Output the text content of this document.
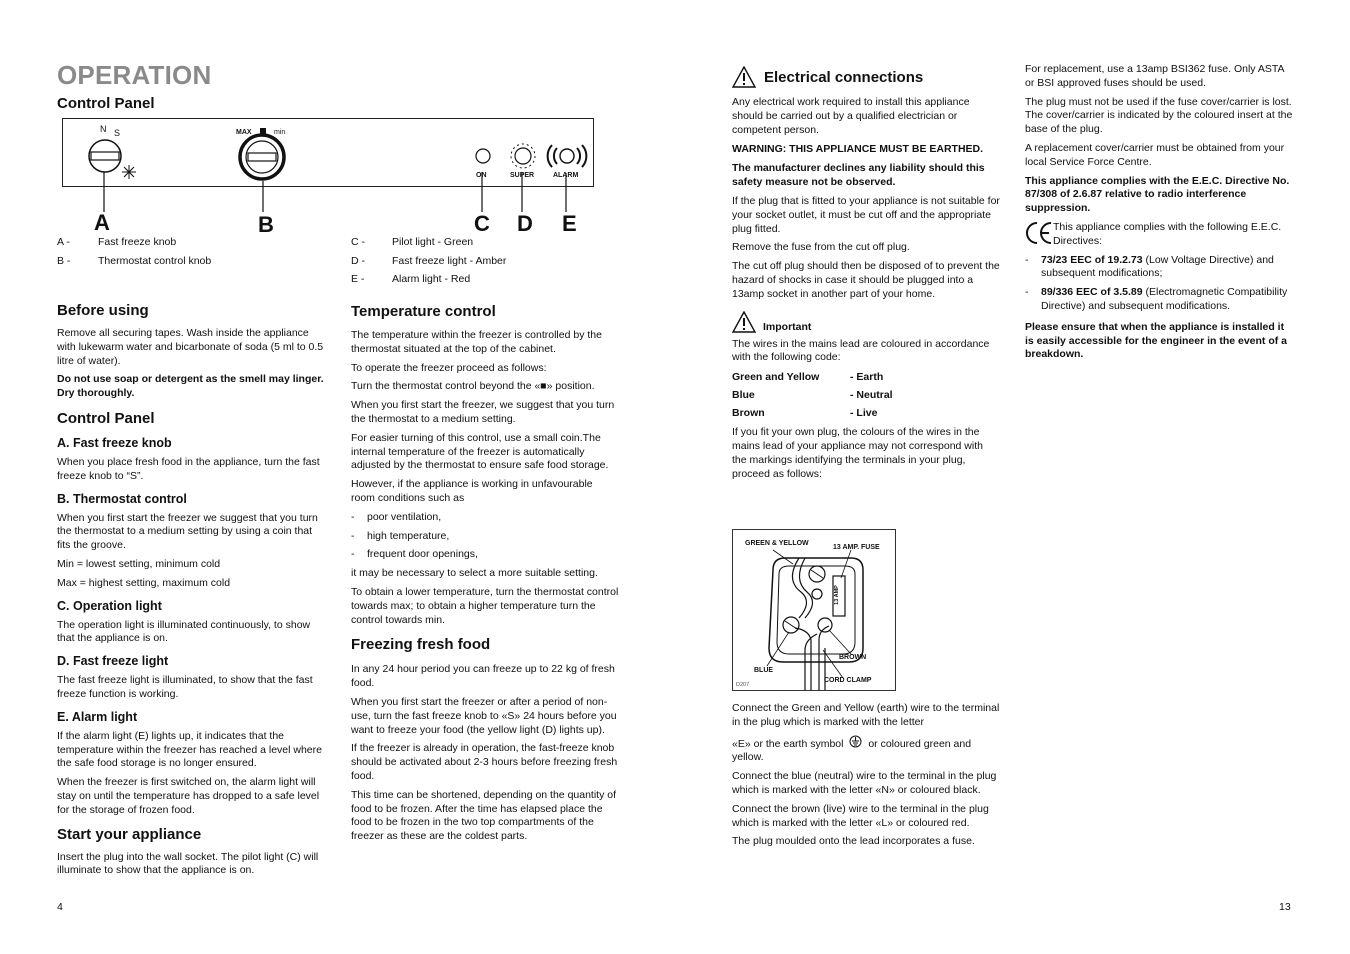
OPERATION
Control Panel
N S	MAX	min
ON	SUPER	ALARM
A	B	C D E
A -	Fast freeze knob
B -	Thermostat control knob
C -	Pilot light - Green
D -	Fast freeze light - Amber
E -	Alarm light - Red
Before using

Remove all securing tapes. Wash inside the appliance with lukewarm water and bicarbonate of soda (5 ml to 0.5 litre of water).

Do not use soap or detergent as the smell may linger. Dry thoroughly.

Control Panel
A. Fast freeze knob

When you place fresh food in the appliance, turn the fast freeze knob to “S”.

B. Thermostat control

When you first start the freezer we suggest that you turn the thermostat to a medium setting by using a coin that fits the groove.

Min = lowest setting, minimum cold

Max = highest setting, maximum cold

C. Operation light

The operation light is illuminated continuously, to show that the appliance is on.

D. Fast freeze light

The fast freeze light is illuminated, to show that the fast freeze function is working.

E. Alarm light

If the alarm light (E) lights up, it indicates that the temperature within the freezer has reached a level where the safe food storage is no longer ensured.

When the freezer is first switched on, the alarm light will stay on until the temperature has dropped to a safe level for the storage of frozen food.

Start your appliance

Insert the plug into the wall socket. The pilot light (C) will illuminate to show that the appliance is on.

Temperature control

The temperature within the freezer is controlled by the thermostat situated at the top of the cabinet.

To operate the freezer proceed as follows:

Turn the thermostat control beyond the «■» position.

When you first start the freezer, we suggest that you turn the thermostat to a medium setting.

For easier turning of this control, use a small coin.The internal temperature of the freezer is automatically adjusted by the thermostat to ensure safe food storage.

However, if the appliance is working in unfavourable room conditions such as

- poor ventilation,

- high temperature,

- frequent door openings,

it may be necessary to select a more suitable setting.

To obtain a lower temperature, turn the thermostat control towards max; to obtain a higher temperature turn the control towards min.

Freezing fresh food

In any 24 hour period you can freeze up to 22 kg of fresh food.

When you first start the freezer or after a period of non-use, turn the fast freeze knob to «S» 24 hours before you want to freeze your food (the yellow light (D) lights up).

If the freezer is already in operation, the fast-freeze knob should be activated about 2-3 hours before freezing fresh food.

This time can be shortened, depending on the quantity of food to be frozen. After the time has elapsed place the food to be frozen in the two top compartments of the freezer as these are the coldest parts.

4
Electrical connections

Any electrical work required to install this appliance should be carried out by a qualified electrician or competent person.

WARNING: THIS APPLIANCE MUST BE EARTHED.

The manufacturer declines any liability should this safety measure not be observed.

If the plug that is fitted to your appliance is not suitable for your socket outlet, it must be cut off and the appropriate plug fitted.

Remove the fuse from the cut off plug.

The cut off plug should then be disposed of to prevent the hazard of shocks in case it should be plugged into a 13amp socket in another part of your home.

Important

The wires in the mains lead are coloured in accordance with the following code:

Green and Yellow	- Earth
Blue	- Neutral
Brown	- Live

If you fit your own plug, the colours of the wires in the mains lead of your appliance may not correspond with the markings identifying the terminals in your plug, proceed as follows:

GREEN & YELLOW
13 AMP. FUSE
13 AMP
BROWN
BLUE
CORD CLAMP
D207

Connect the Green and Yellow (earth) wire to the terminal in the plug which is marked with the letter

«E» or the earth symbol or coloured green and yellow.

Connect the blue (neutral) wire to the terminal in the plug which is marked with the letter «N» or coloured black.

Connect the brown (live) wire to the terminal in the plug which is marked with the letter «L» or coloured red.

The plug moulded onto the lead incorporates a fuse.

For replacement, use a 13amp BSI362 fuse. Only ASTA or BSI approved fuses should be used.

The plug must not be used if the fuse cover/carrier is lost. The cover/carrier is indicated by the coloured insert at the base of the plug.

A replacement cover/carrier must be obtained from your local Service Force Centre.

This appliance complies with the E.E.C. Directive No. 87/308 of 2.6.87 relative to radio interference suppression.

This appliance complies with the following E.E.C. Directives:

- 73/23 EEC of 19.2.73 (Low Voltage Directive) and subsequent modifications;

- 89/336 EEC of 3.5.89 (Electromagnetic Compatibility Directive) and subsequent modifications.

Please ensure that when the appliance is installed it is easily accessible for the engineer in the event of a breakdown.

13
